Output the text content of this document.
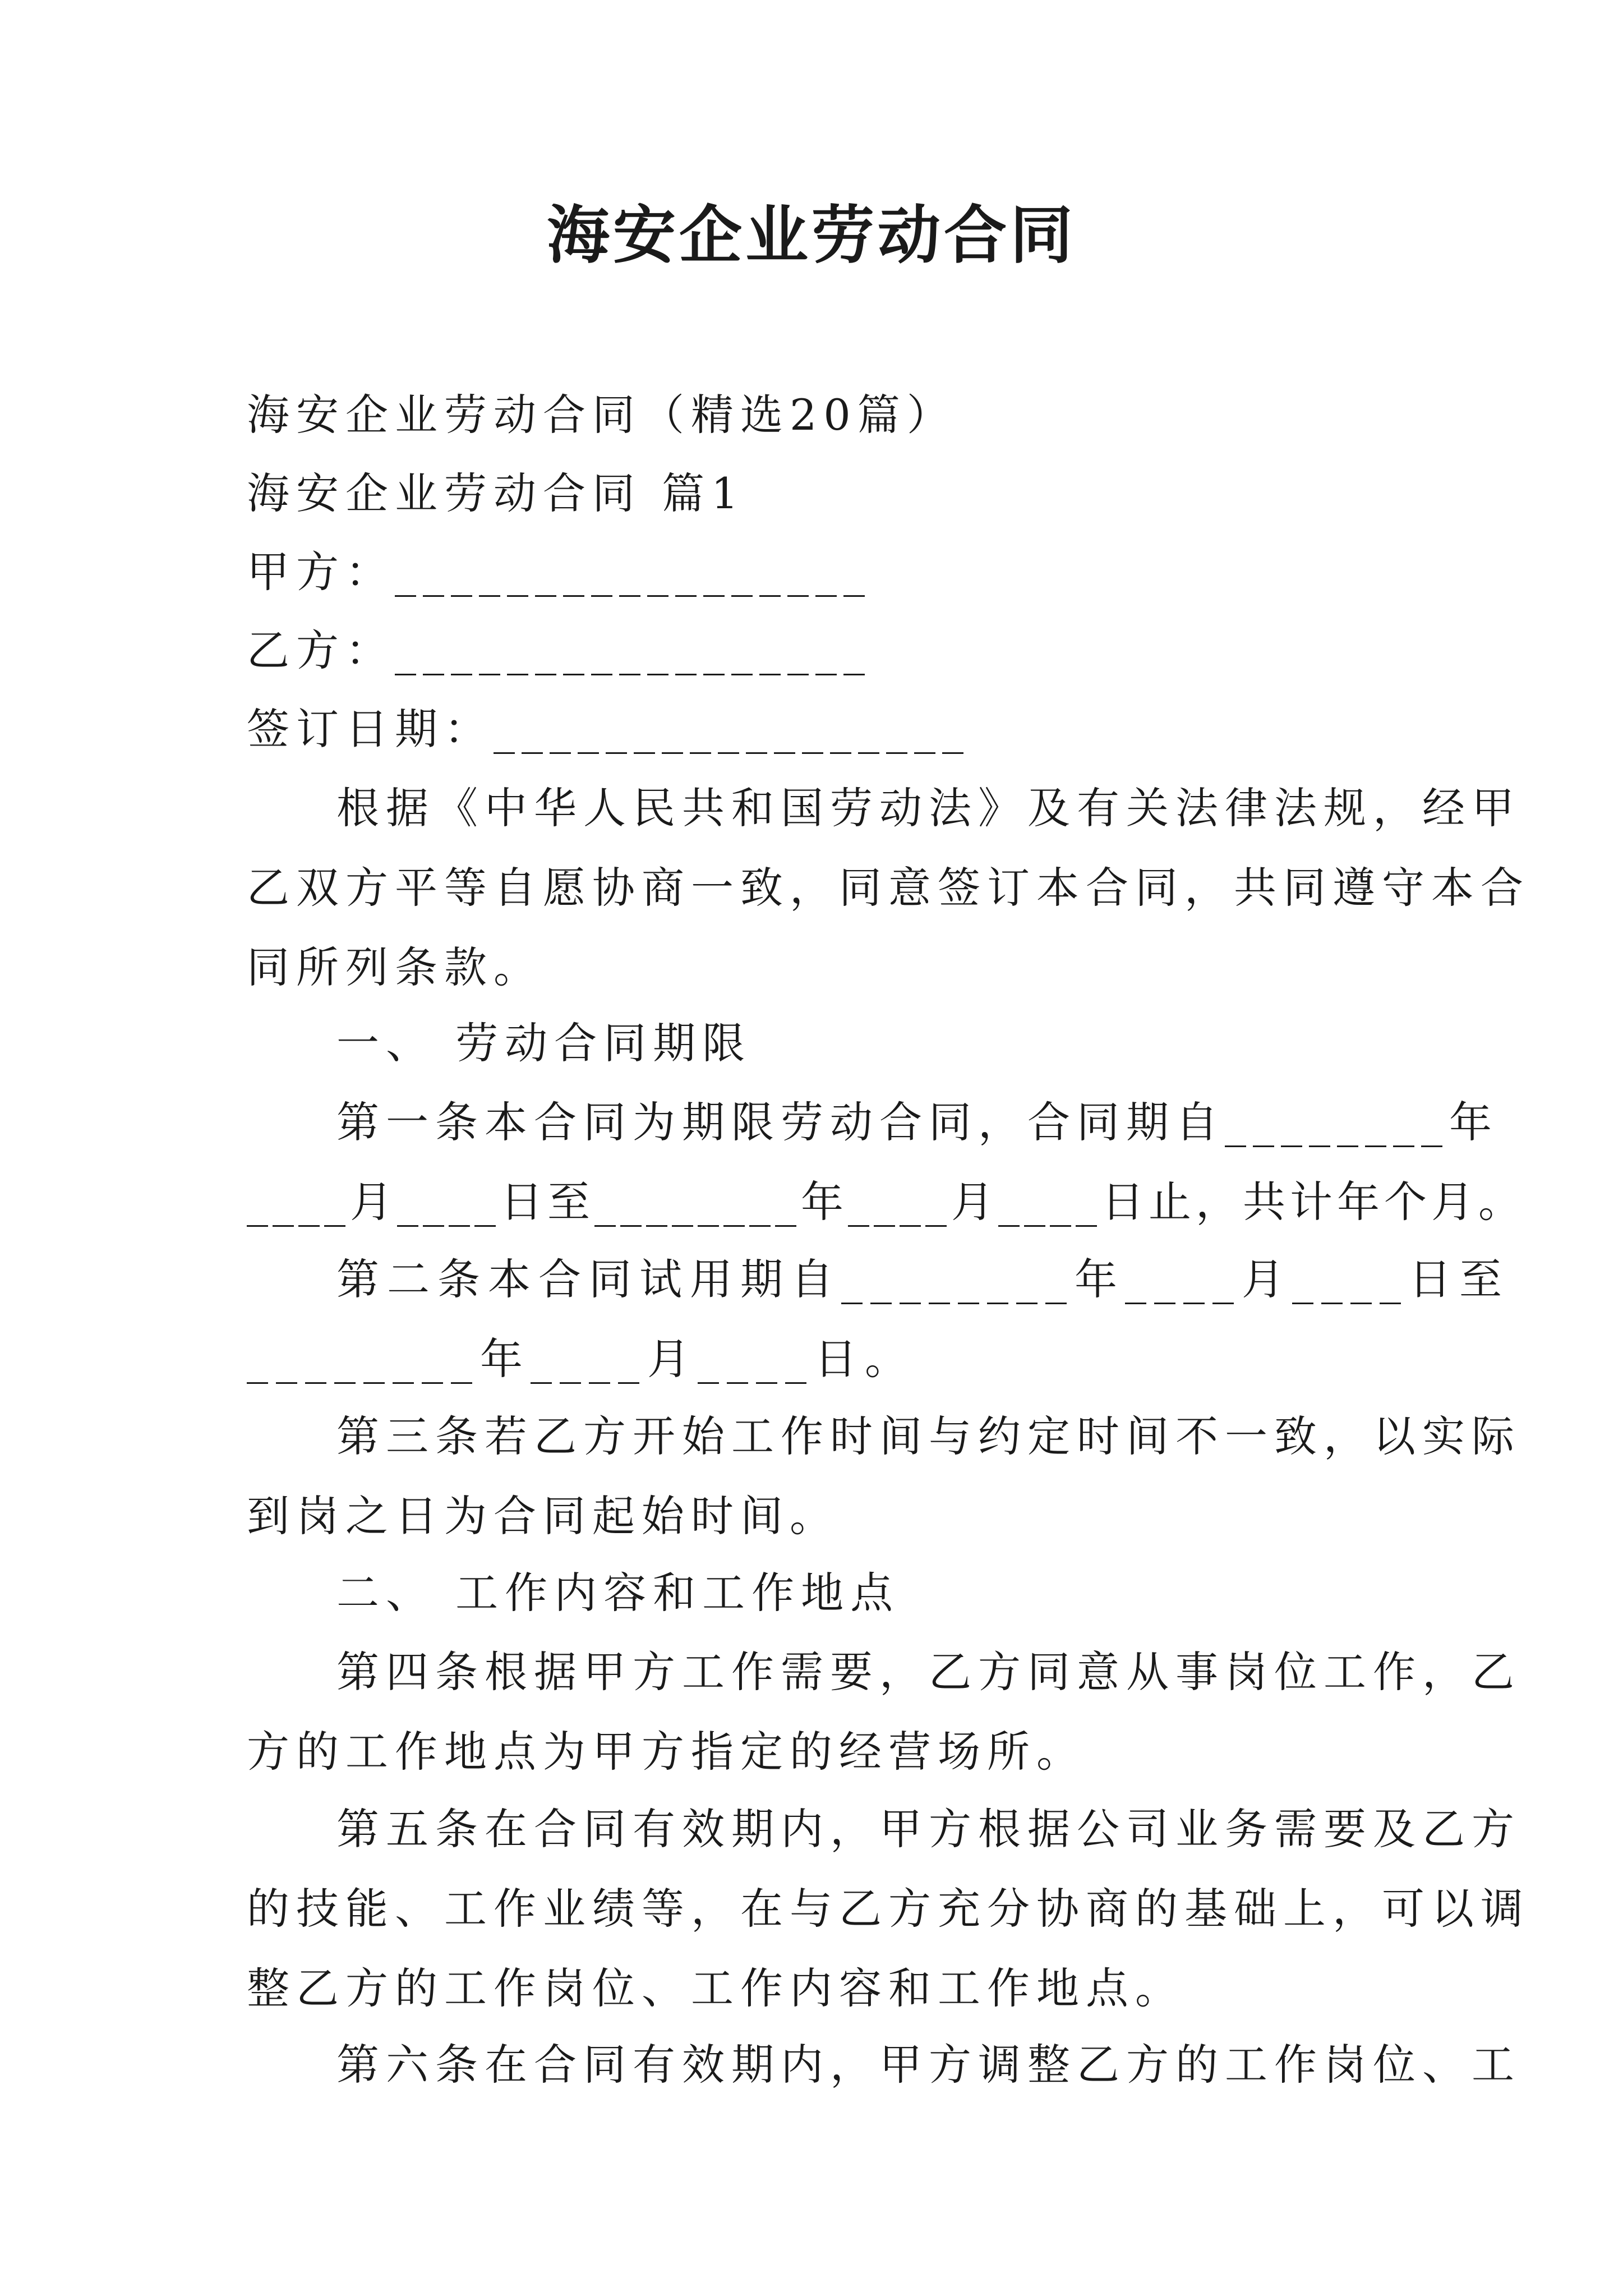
海安企业劳动合同
海安企业劳动合同（精选20篇）
海安企业劳动合同 篇1
甲方：_________________
乙方：_________________
签订日期：_________________
根据《中华人民共和国劳动法》及有关法律法规，经甲
乙双方平等自愿协商一致，同意签订本合同，共同遵守本合
同所列条款。
一、 劳动合同期限
第一条本合同为期限劳动合同，合同期自________年
____月____日至________年____月____日止，共计年个月。
第二条本合同试用期自________年____月____日至
________年____月____日。
第三条若乙方开始工作时间与约定时间不一致，以实际
到岗之日为合同起始时间。
二、 工作内容和工作地点
第四条根据甲方工作需要，乙方同意从事岗位工作，乙
方的工作地点为甲方指定的经营场所。
第五条在合同有效期内，甲方根据公司业务需要及乙方
的技能、工作业绩等，在与乙方充分协商的基础上，可以调
整乙方的工作岗位、工作内容和工作地点。
第六条在合同有效期内，甲方调整乙方的工作岗位、工
